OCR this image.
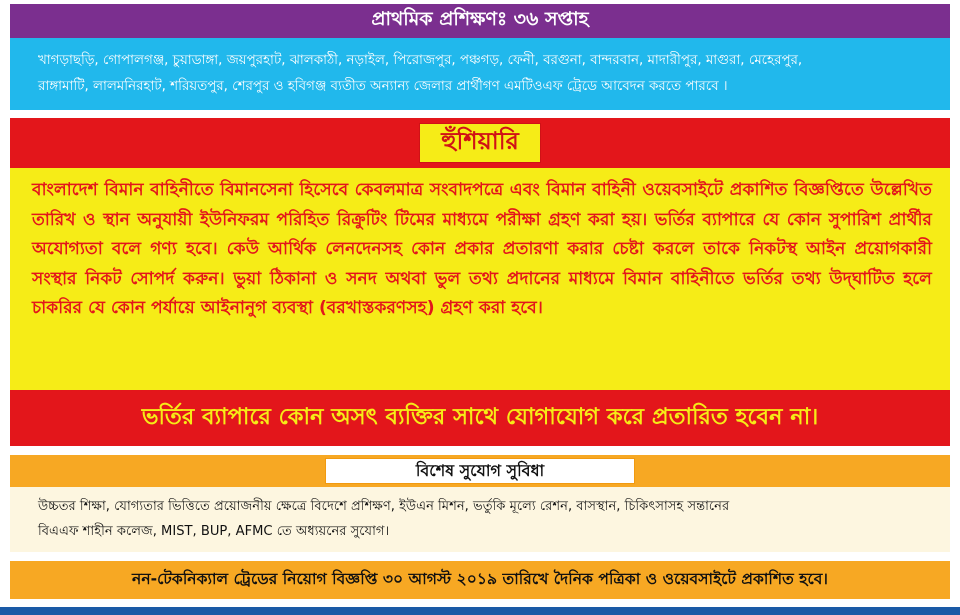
প্রাথমিক প্রশিক্ষণঃ ৩৬ সপ্তাহ
খাগড়াছড়ি, গোপালগঞ্জ, চুয়াডাঙ্গা, জয়পুরহাট, ঝালকাঠী, নড়াইল, পিরোজপুর, পঞ্চগড়, ফেনী, বরগুনা, বান্দরবান, মাদারীপুর, মাগুরা, মেহেরপুর,
রাঙ্গামাটি, লালমনিরহাট, শরিয়তপুর, শেরপুর ও হবিগঞ্জ ব্যতীত অন্যান্য জেলার প্রার্থীগণ এমটিওএফ ট্রেডে আবেদন করতে পারবে ।
হুঁশিয়ারি
বাংলাদেশ বিমান বাহিনীতে বিমানসেনা হিসেবে কেবলমাত্র সংবাদপত্রে এবং বিমান বাহিনী ওয়েবসাইটে প্রকাশিত বিজ্ঞপ্তিতে উল্লেখিত তারিখ ও স্থান অনুযায়ী ইউনিফরম পরিহিত রিক্রুটিং টিমের মাধ্যমে পরীক্ষা গ্রহণ করা হয়। ভর্তির ব্যাপারে যে কোন সুপারিশ প্রার্থীর অযোগ্যতা বলে গণ্য হবে। কেউ আর্থিক লেনদেনসহ কোন প্রকার প্রতারণা করার চেষ্টা করলে তাকে নিকটস্থ আইন প্রয়োগকারী সংস্থার নিকট সোপর্দ করুন। ভুয়া ঠিকানা ও সনদ অথবা ভুল তথ্য প্রদানের মাধ্যমে বিমান বাহিনীতে ভর্তির তথ্য উদ্‌ঘাটিত হলে চাকরির যে কোন পর্যায়ে আইনানুগ ব্যবস্থা (বরখাস্তকরণসহ) গ্রহণ করা হবে।
ভর্তির ব্যাপারে কোন অসৎ ব্যক্তির সাথে যোগাযোগ করে প্রতারিত হবেন না।
বিশেষ সুযোগ সুবিধা
উচ্চতর শিক্ষা, যোগ্যতার ভিত্তিতে প্রয়োজনীয় ক্ষেত্রে বিদেশে প্রশিক্ষণ, ইউএন মিশন, ভর্তুকি মূল্যে রেশন, বাসস্থান, চিকিৎসাসহ সন্তানের
বিএএফ শাহীন কলেজ, MIST, BUP, AFMC তে অধ্যয়নের সুযোগ।
নন-টেকনিক্যাল ট্রেডের নিয়োগ বিজ্ঞপ্তি ৩০ আগস্ট ২০১৯ তারিখে দৈনিক পত্রিকা ও ওয়েবসাইটে প্রকাশিত হবে।
